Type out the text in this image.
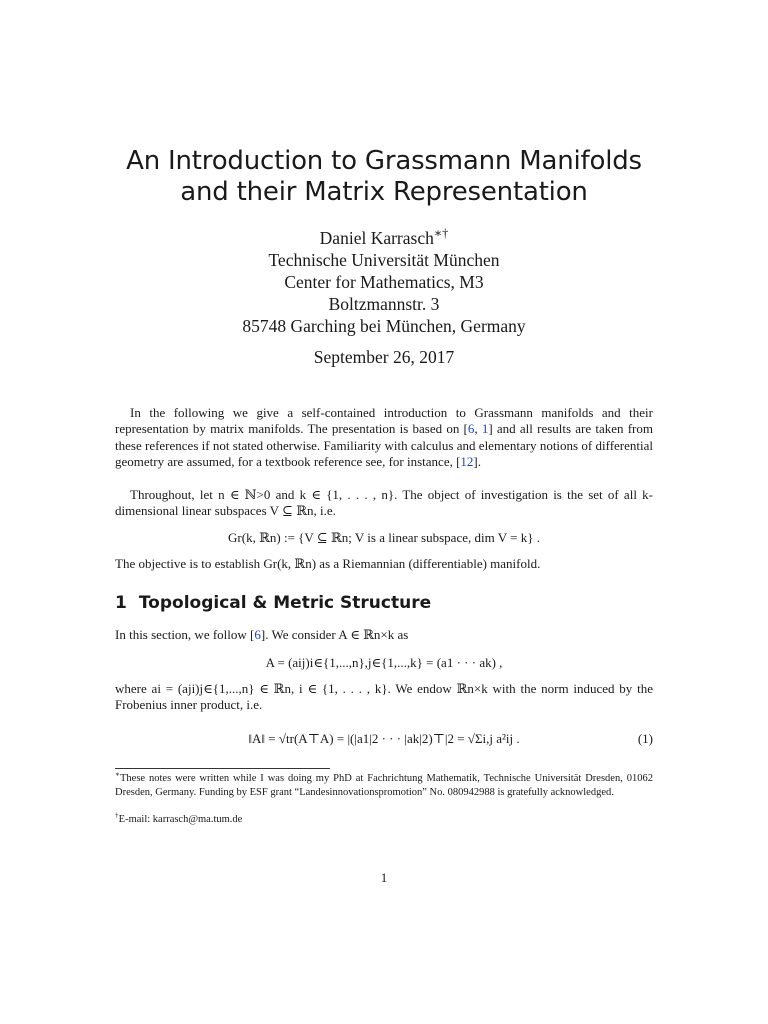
An Introduction to Grassmann Manifolds
and their Matrix Representation
Daniel Karrasch∗†
Technische Universität München
Center for Mathematics, M3
Boltzmannstr. 3
85748 Garching bei München, Germany
September 26, 2017
In the following we give a self-contained introduction to Grassmann manifolds and their representation by matrix manifolds. The presentation is based on [6, 1] and all results are taken from these references if not stated otherwise. Familiarity with calculus and elementary notions of differential geometry are assumed, for a textbook reference see, for instance, [12].
Throughout, let n ∈ ℕ>0 and k ∈ {1, . . . , n}. The object of investigation is the set of all k-dimensional linear subspaces V ⊆ ℝn, i.e.
Gr(k, ℝn) := {V ⊆ ℝn; V is a linear subspace, dim V = k} .
The objective is to establish Gr(k, ℝn) as a Riemannian (differentiable) manifold.
1 Topological & Metric Structure
In this section, we follow [6]. We consider A ∈ ℝn×k as
A = (aij)i∈{1,...,n},j∈{1,...,k} = (a1 · · · ak) ,
where ai = (aji)j∈{1,...,n} ∈ ℝn, i ∈ {1, . . . , k}. We endow ℝn×k with the norm induced by the Frobenius inner product, i.e.
‖A‖ = √tr(A⊤A) = |(|a1|2 · · · |ak|2)⊤|2 = √Σi,j a²ij .	(1)
∗These notes were written while I was doing my PhD at Fachrichtung Mathematik, Technische Universität Dresden, 01062 Dresden, Germany. Funding by ESF grant “Landesinnovationspromotion” No. 080942988 is gratefully acknowledged.
†E-mail: karrasch@ma.tum.de
1
